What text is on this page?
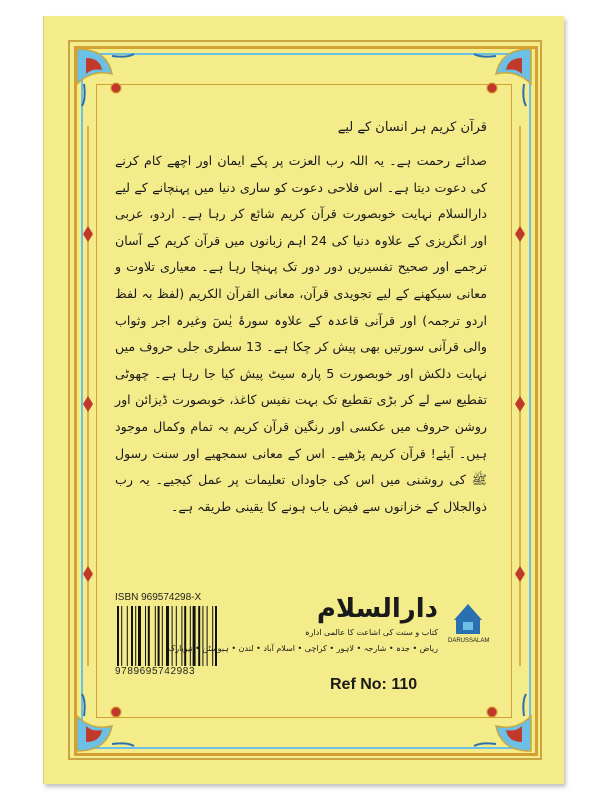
قرآن کریم ہر انسان کے لیے
صدائے رحمت ہے۔ یہ اللہ رب العزت پر پکے ایمان اور اچھے کام کرنے کی دعوت دیتا ہے۔ اس فلاحی دعوت کو ساری دنیا میں پہنچانے کے لیے دارالسلام نہایت خوبصورت قرآن کریم شائع کر رہا ہے۔ اردو، عربی اور انگریزی کے علاوہ دنیا کی 24 اہم زبانوں میں قرآن کریم کے آسان ترجمے اور صحیح تفسیریں دور دور تک پہنچا رہا ہے۔ معیاری تلاوت و معانی سیکھنے کے لیے تجویدی قرآن، معانی القرآن الکریم (لفظ بہ لفظ اردو ترجمہ) اور قرآنی قاعدہ کے علاوہ سورۂ یٰسٓ وغیرہ اجر وثواب والی قرآنی سورتیں بھی پیش کر چکا ہے۔ 13 سطری جلی حروف میں نہایت دلکش اور خوبصورت 5 پارہ سیٹ پیش کیا جا رہا ہے۔ چھوٹی تقطیع سے لے کر بڑی تقطیع تک بہت نفیس کاغذ، خوبصورت ڈیزائن اور روشن حروف میں عکسی اور رنگین قرآن کریم بہ تمام وکمال موجود ہیں۔ آیئے! قرآن کریم پڑھیے۔ اس کے معانی سمجھیے اور سنت رسول ﷺ کی روشنی میں اس کی جاوداں تعلیمات پر عمل کیجیے۔ یہ رب ذوالجلال کے خزانوں سے فیض یاب ہونے کا یقینی طریقہ ہے۔
ISBN 969574298-X
9789695742983
دارالسلام
کتاب و سنت کی اشاعت کا عالمی ادارہ
ریاض • جدہ • شارجہ • لاہور • کراچی • اسلام آباد • لندن • ہیوسٹن • نیویارک
DARUSSALAM
Ref No: 110
